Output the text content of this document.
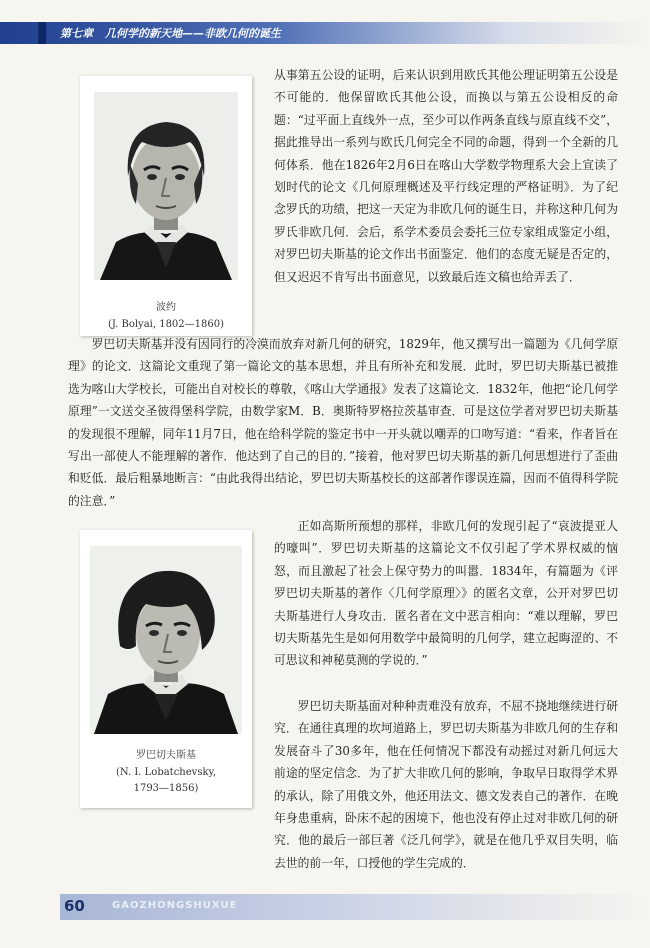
第七章 几何学的新天地——非欧几何的诞生
波约
(J. Bolyai, 1802—1860)
罗巴切夫斯基
(N. I. Lobatchevsky,
1793—1856)
从事第五公设的证明，后来认识到用欧氏其他公理证明第五公设是不可能的．他保留欧氏其他公设，而换以与第五公设相反的命题：“过平面上直线外一点，至少可以作两条直线与原直线不交”，据此推导出一系列与欧氏几何完全不同的命题，得到一个全新的几何体系．他在1826年2月6日在喀山大学数学物理系大会上宣读了划时代的论文《几何原理概述及平行线定理的严格证明》．为了纪念罗氏的功绩，把这一天定为非欧几何的诞生日，并称这种几何为罗氏非欧几何．会后，系学术委员会委托三位专家组成鉴定小组，对罗巴切夫斯基的论文作出书面鉴定．他们的态度无疑是否定的，但又迟迟不肯写出书面意见，以致最后连文稿也给弄丢了．
罗巴切夫斯基并没有因同行的冷漠而放弃对新几何的研究，1829年，他又撰写出一篇题为《几何学原理》的论文．这篇论文重现了第一篇论文的基本思想，并且有所补充和发展．此时，罗巴切夫斯基已被推选为喀山大学校长，可能出自对校长的尊敬，《喀山大学通报》发表了这篇论文．1832年，他把“论几何学原理”一文送交圣彼得堡科学院，由数学家M．B．奥斯特罗格拉茨基审查．可是这位学者对罗巴切夫斯基的发现很不理解，同年11月7日，他在给科学院的鉴定书中一开头就以嘲弄的口吻写道：“看来，作者旨在写出一部使人不能理解的著作．他达到了自己的目的．”接着，他对罗巴切夫斯基的新几何思想进行了歪曲和贬低．最后粗暴地断言：“由此我得出结论，罗巴切夫斯基校长的这部著作谬误连篇，因而不值得科学院的注意．”
正如高斯所预想的那样，非欧几何的发现引起了“哀波提亚人的嚎叫”．罗巴切夫斯基的这篇论文不仅引起了学术界权威的恼怒，而且激起了社会上保守势力的叫嚣．1834年，有篇题为《评罗巴切夫斯基的著作〈几何学原理〉》的匿名文章，公开对罗巴切夫斯基进行人身攻击．匿名者在文中恶言相向：“难以理解，罗巴切夫斯基先生是如何用数学中最简明的几何学，建立起晦涩的、不可思议和神秘莫测的学说的．”
罗巴切夫斯基面对种种责难没有放弃，不屈不挠地继续进行研究．在通往真理的坎坷道路上，罗巴切夫斯基为非欧几何的生存和发展奋斗了30多年，他在任何情况下都没有动摇过对新几何远大前途的坚定信念．为了扩大非欧几何的影响，争取早日取得学术界的承认，除了用俄文外，他还用法文、德文发表自己的著作．在晚年身患重病，卧床不起的困境下，他也没有停止过对非欧几何的研究．他的最后一部巨著《泛几何学》，就是在他几乎双目失明，临去世的前一年，口授他的学生完成的．
60	GAOZHONGSHUXUE
